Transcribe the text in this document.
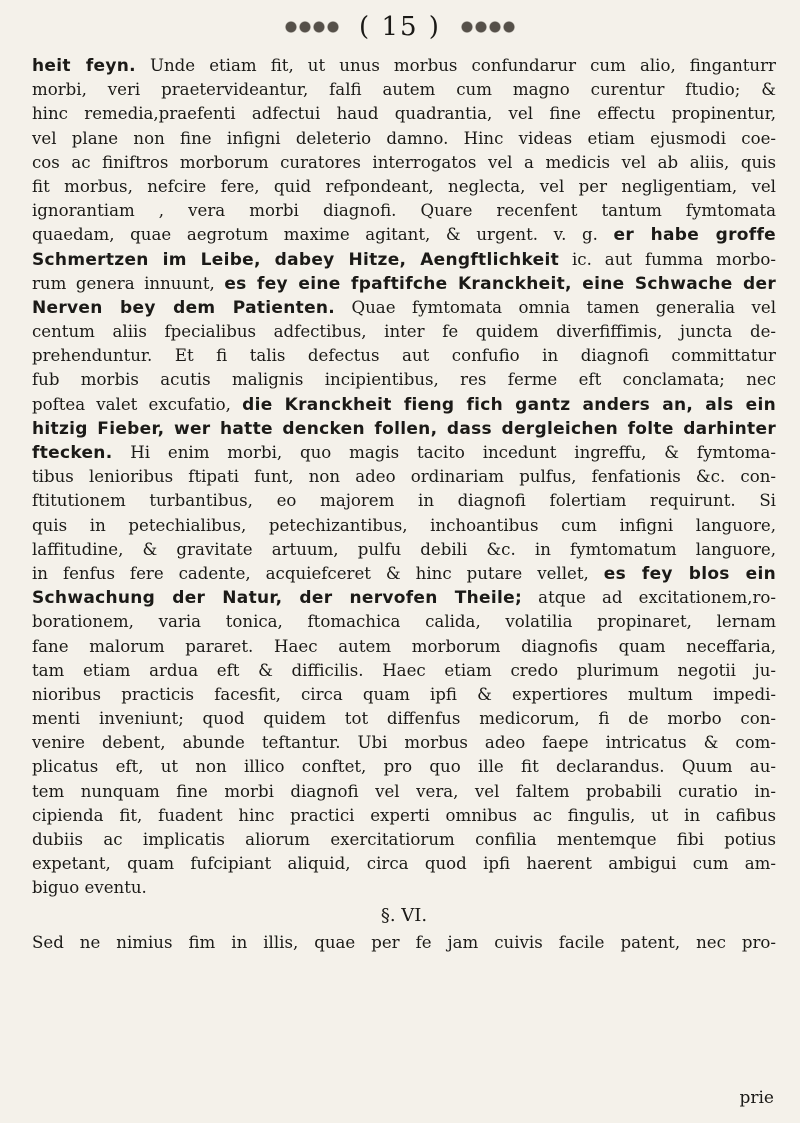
( 15 )
heit feyn. Unde etiam fit, ut unus morbus confundarur cum alio, finganturr
morbi, veri praetervideantur, falfi autem cum magno curentur ftudio; &
hinc remedia,praefenti adfectui haud quadrantia, vel fine effectu propinentur,
vel plane non fine infigni deleterio damno. Hinc videas etiam ejusmodi coe-
cos ac finiftros morborum curatores interrogatos vel a medicis vel ab aliis, quis
fit morbus, nefcire fere, quid refpondeant, neglecta, vel per negligentiam, vel
ignorantiam , vera morbi diagnofi. Quare recenfent tantum fymtomata
quaedam, quae aegrotum maxime agitant, & urgent. v. g. er habe groffe
Schmertzen im Leibe, dabey Hitze, Aengftlichkeit ic. aut fumma morbo-
rum genera innuunt, es fey eine fpaftifche Kranckheit, eine Schwache der
Nerven bey dem Patienten. Quae fymtomata omnia tamen generalia vel
centum aliis fpecialibus adfectibus, inter fe quidem diverfiffimis, juncta de-
prehenduntur. Et fi talis defectus aut confufio in diagnofi committatur
fub morbis acutis malignis incipientibus, res ferme eft conclamata; nec
poftea valet excufatio, die Kranckheit fieng fich gantz anders an, als ein
hitzig Fieber, wer hatte dencken follen, dass dergleichen folte darhinter
ftecken. Hi enim morbi, quo magis tacito incedunt ingreffu, & fymtoma-
tibus lenioribus ftipati funt, non adeo ordinariam pulfus, fenfationis &c. con-
ftitutionem turbantibus, eo majorem in diagnofi folertiam requirunt. Si
quis in petechialibus, petechizantibus, inchoantibus cum infigni languore,
laffitudine, & gravitate artuum, pulfu debili &c. in fymtomatum languore,
in fenfus fere cadente, acquiefceret & hinc putare vellet, es fey blos ein
Schwachung der Natur, der nervofen Theile; atque ad excitationem,ro-
borationem, varia tonica, ftomachica calida, volatilia propinaret, lernam
fane malorum pararet. Haec autem morborum diagnofis quam neceffaria,
tam etiam ardua eft & difficilis. Haec etiam credo plurimum negotii ju-
nioribus practicis facesfit, circa quam ipfi & expertiores multum impedi-
menti inveniunt; quod quidem tot diffenfus medicorum, fi de morbo con-
venire debent, abunde teftantur. Ubi morbus adeo faepe intricatus & com-
plicatus eft, ut non illico conftet, pro quo ille fit declarandus. Quum au-
tem nunquam fine morbi diagnofi vel vera, vel faltem probabili curatio in-
cipienda fit, fuadent hinc practici experti omnibus ac fingulis, ut in cafibus
dubiis ac implicatis aliorum exercitatiorum confilia mentemque fibi potius
expetant, quam fufcipiant aliquid, circa quod ipfi haerent ambigui cum am-
biguo eventu.
§. VI.
Sed ne nimius fim in illis, quae per fe jam cuivis facile patent, nec pro-
prie
